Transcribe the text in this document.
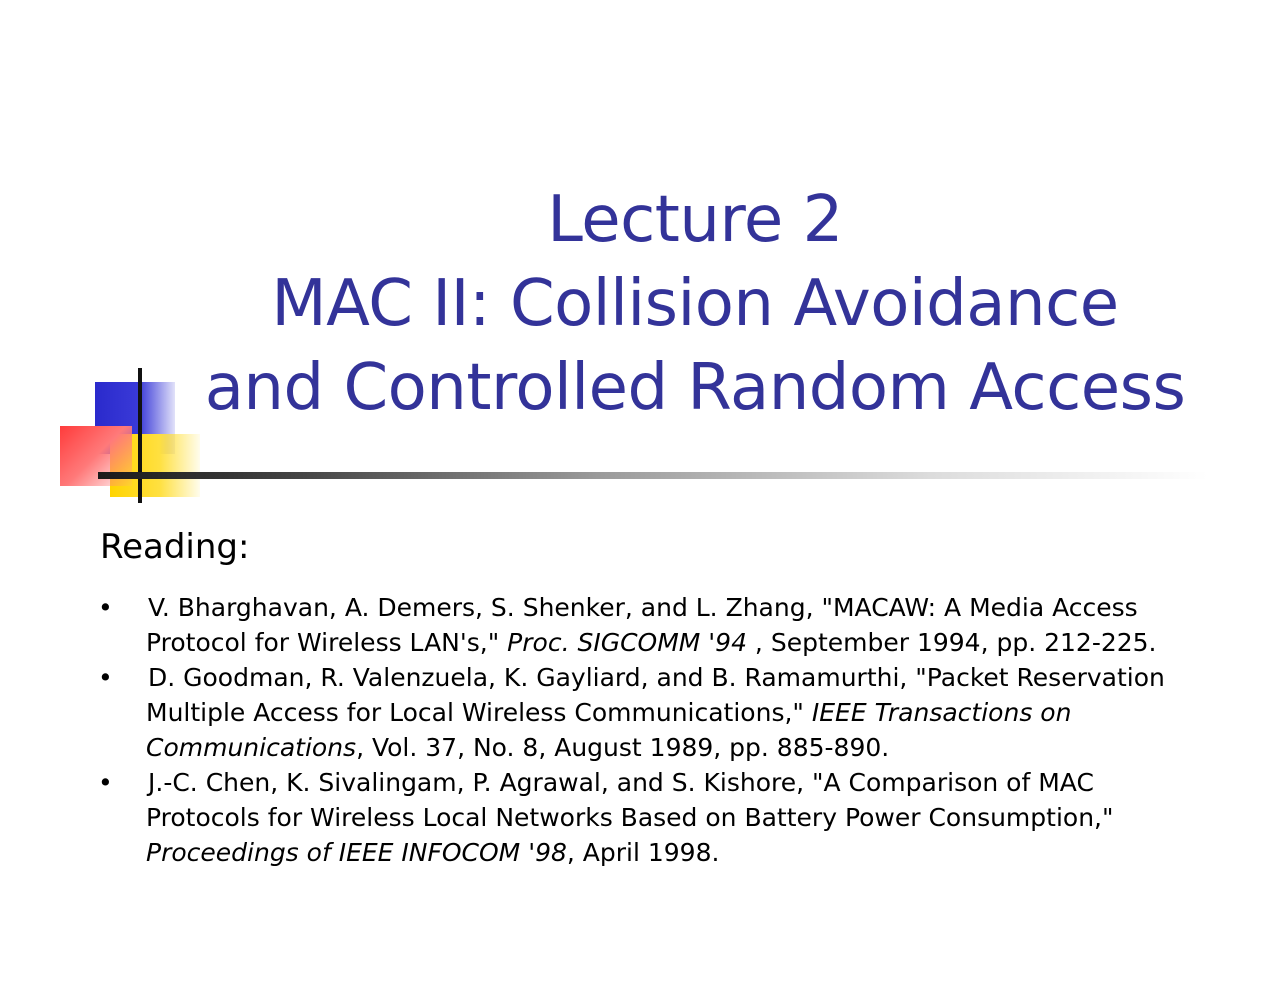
Lecture 2
MAC II: Collision Avoidance
and Controlled Random Access
Reading:
•	V. Bharghavan, A. Demers, S. Shenker, and L. Zhang, "MACAW: A Media Access
Protocol for Wireless LAN's," Proc. SIGCOMM '94 , September 1994, pp. 212-225.
•	D. Goodman, R. Valenzuela, K. Gayliard, and B. Ramamurthi, "Packet Reservation
Multiple Access for Local Wireless Communications," IEEE Transactions on
Communications, Vol. 37, No. 8, August 1989, pp. 885-890.
•	J.-C. Chen, K. Sivalingam, P. Agrawal, and S. Kishore, "A Comparison of MAC
Protocols for Wireless Local Networks Based on Battery Power Consumption,"
Proceedings of IEEE INFOCOM '98, April 1998.
